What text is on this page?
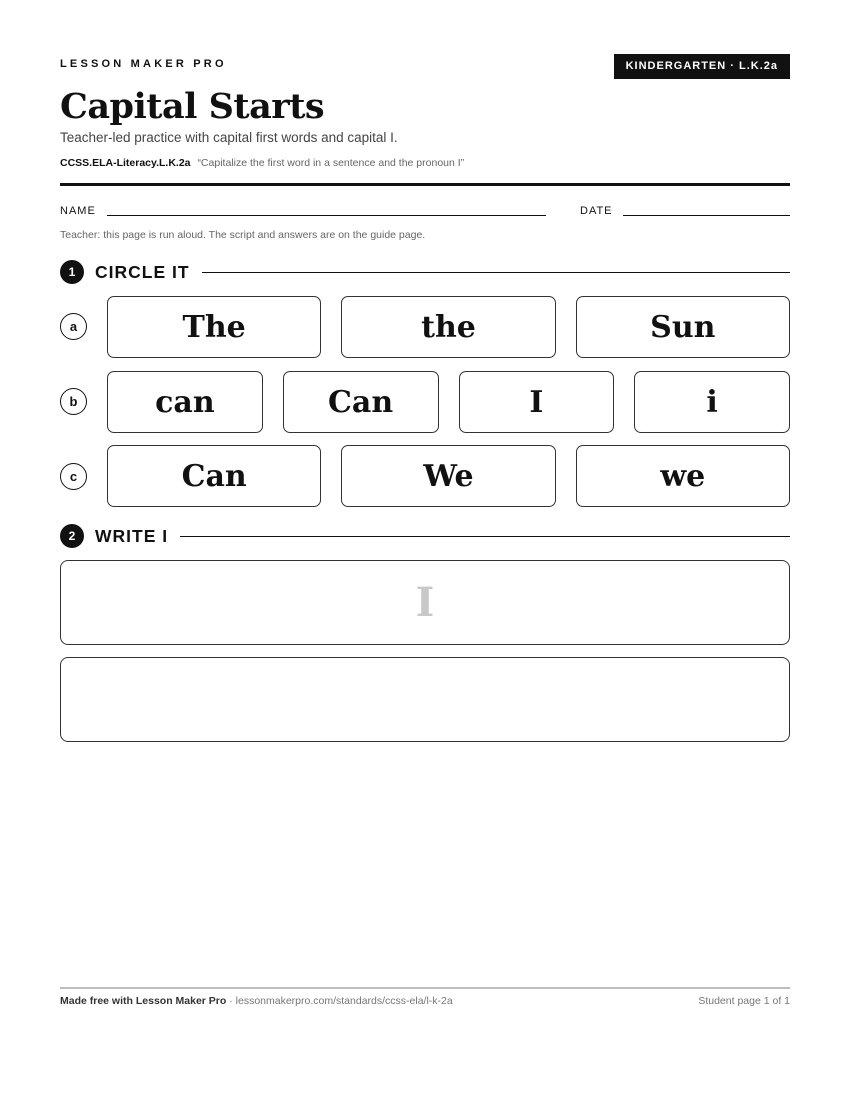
LESSON MAKER PRO	KINDERGARTEN · L.K.2a
Capital Starts
Teacher-led practice with capital first words and capital I.
CCSS.ELA-Literacy.L.K.2a “Capitalize the first word in a sentence and the pronoun I”
NAME	DATE
Teacher: this page is run aloud. The script and answers are on the guide page.
1	CIRCLE IT
a	The	the	Sun
b	can	Can	I	i
c	Can	We	we
2	WRITE I
I
Made free with Lesson Maker Pro · lessonmakerpro.com/standards/ccss-ela/l-k-2a	Student page 1 of 1
